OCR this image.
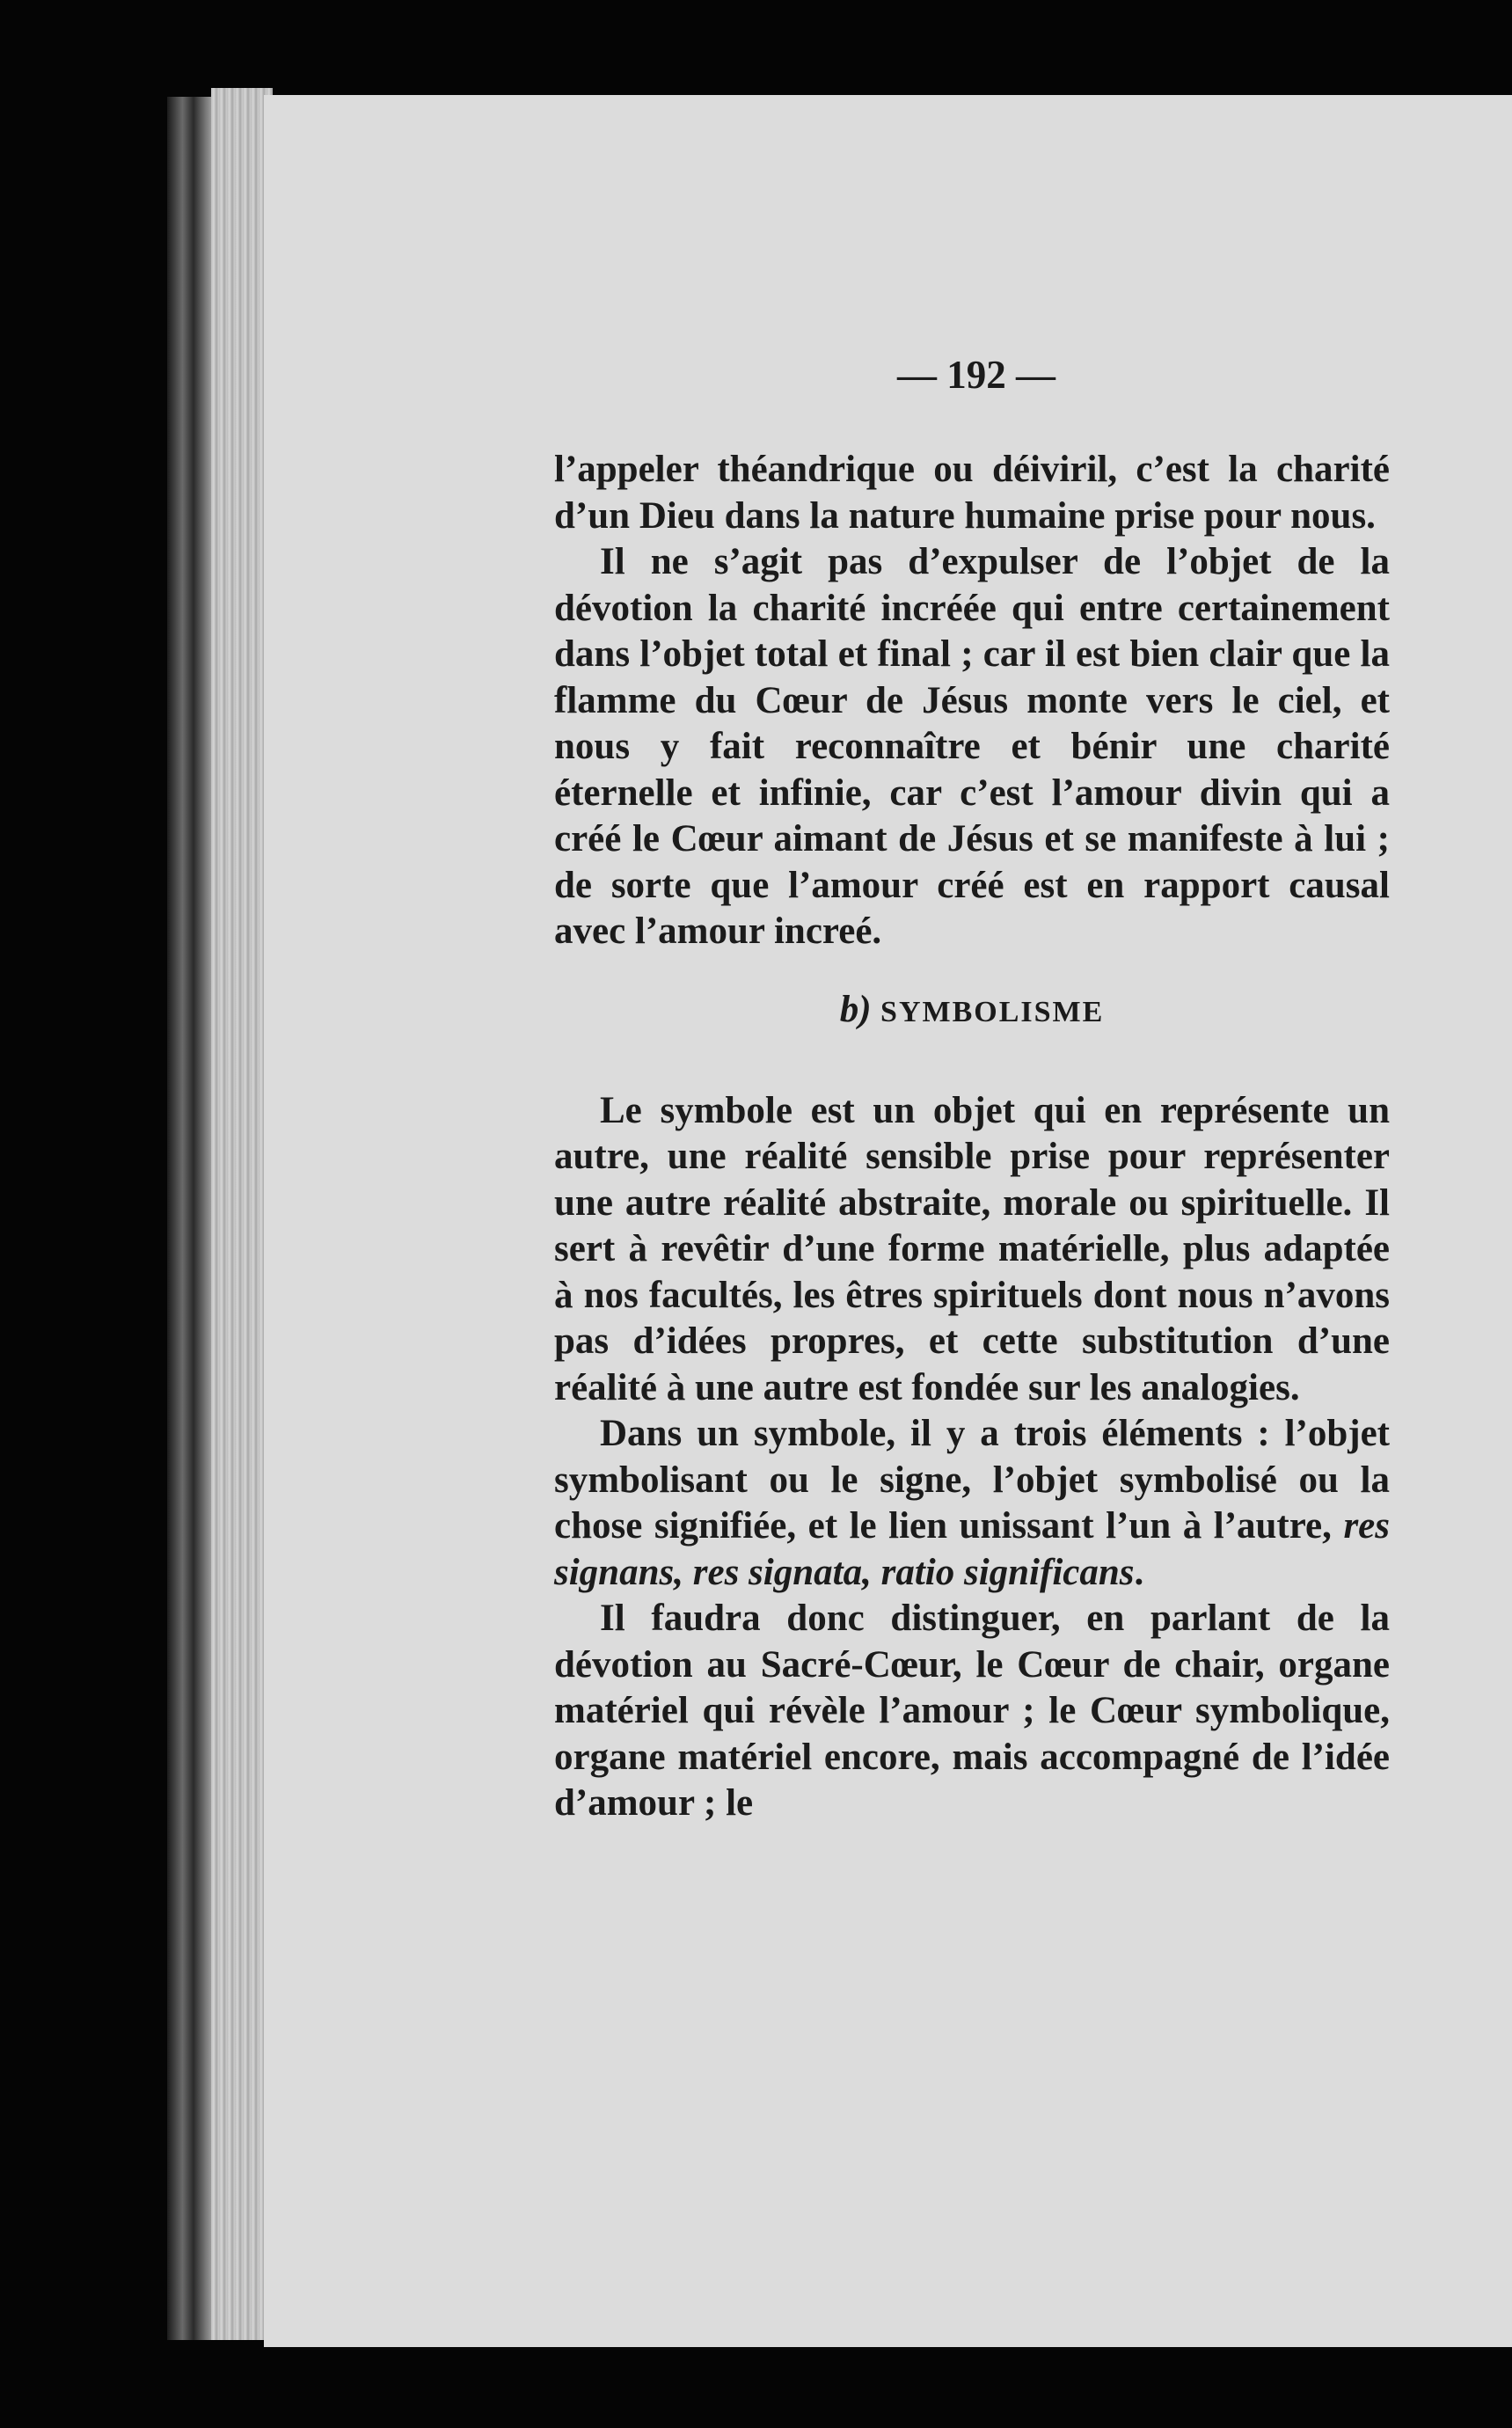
— 192 —

l’appeler théandrique ou déiviril, c’est la charité d’un Dieu dans la nature humaine prise pour nous.

Il ne s’agit pas d’expulser de l’objet de la dévotion la charité incréée qui entre certainement dans l’objet total et final ; car il est bien clair que la flamme du Cœur de Jésus monte vers le ciel, et nous y fait reconnaître et bénir une charité éternelle et infinie, car c’est l’amour divin qui a créé le Cœur aimant de Jésus et se manifeste à lui ; de sorte que l’amour créé est en rapport causal avec l’amour increé.

b) SYMBOLISME

Le symbole est un objet qui en représente un autre, une réalité sensible prise pour représenter une autre réalité abstraite, morale ou spirituelle. Il sert à revêtir d’une forme matérielle, plus adaptée à nos facultés, les êtres spirituels dont nous n’avons pas d’idées propres, et cette substitution d’une réalité à une autre est fondée sur les analogies.

Dans un symbole, il y a trois éléments : l’objet symbolisant ou le signe, l’objet symbolisé ou la chose signifiée, et le lien unissant l’un à l’autre, res signans, res signata, ratio significans.

Il faudra donc distinguer, en parlant de la dévotion au Sacré-Cœur, le Cœur de chair, organe matériel qui révèle l’amour ; le Cœur symbolique, organe matériel encore, mais accompagné de l’idée d’amour ; le
